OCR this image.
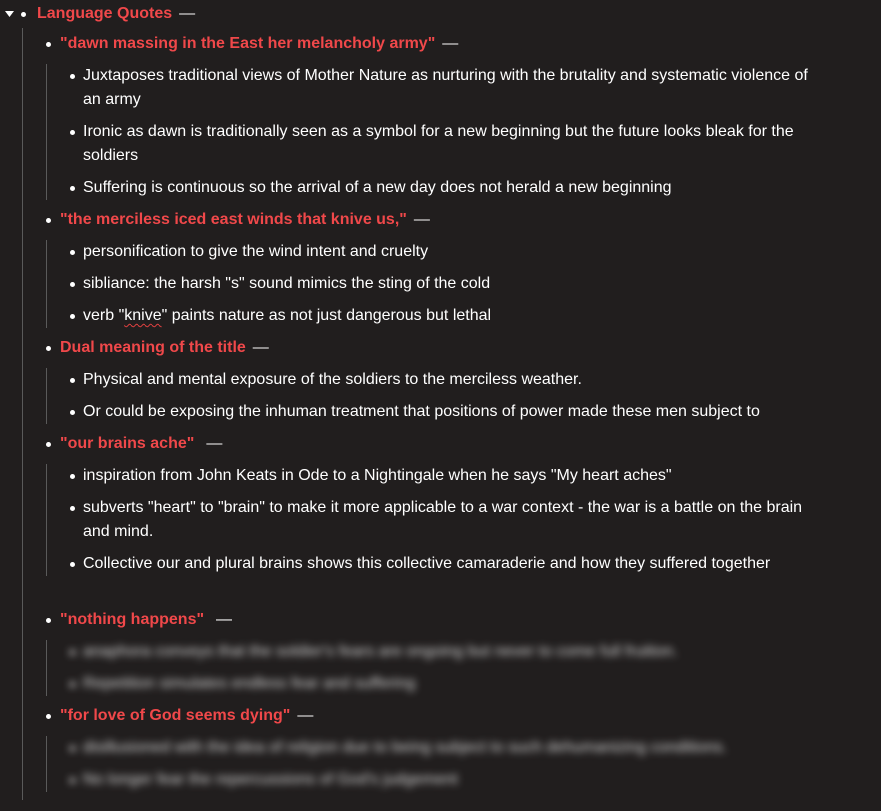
Language Quotes —
"dawn massing in the East her melancholy army" —
Juxtaposes traditional views of Mother Nature as nurturing with the brutality and systematic violence of an army
Ironic as dawn is traditionally seen as a symbol for a new beginning but the future looks bleak for the soldiers
Suffering is continuous so the arrival of a new day does not herald a new beginning
"the merciless iced east winds that knive us," —
personification to give the wind intent and cruelty
sibliance: the harsh "s" sound mimics the sting of the cold
verb "knive" paints nature as not just dangerous but lethal
Dual meaning of the title —
Physical and mental exposure of the soldiers to the merciless weather.
Or could be exposing the inhuman treatment that positions of power made these men subject to
"our brains ache" —
inspiration from John Keats in Ode to a Nightingale when he says "My heart aches"
subverts "heart" to "brain" to make it more applicable to a war context - the war is a battle on the brain and mind.
Collective our and plural brains shows this collective camaraderie and how they suffered together
"nothing happens" —
anaphora conveys that the soldier's fears are ongoing but never to come full fruition.
Repetition simulates endless fear and suffering
"for love of God seems dying" —
disillusioned with the idea of religion due to being subject to such dehumanizing conditions.
No longer fear the repercussions of God's judgement
